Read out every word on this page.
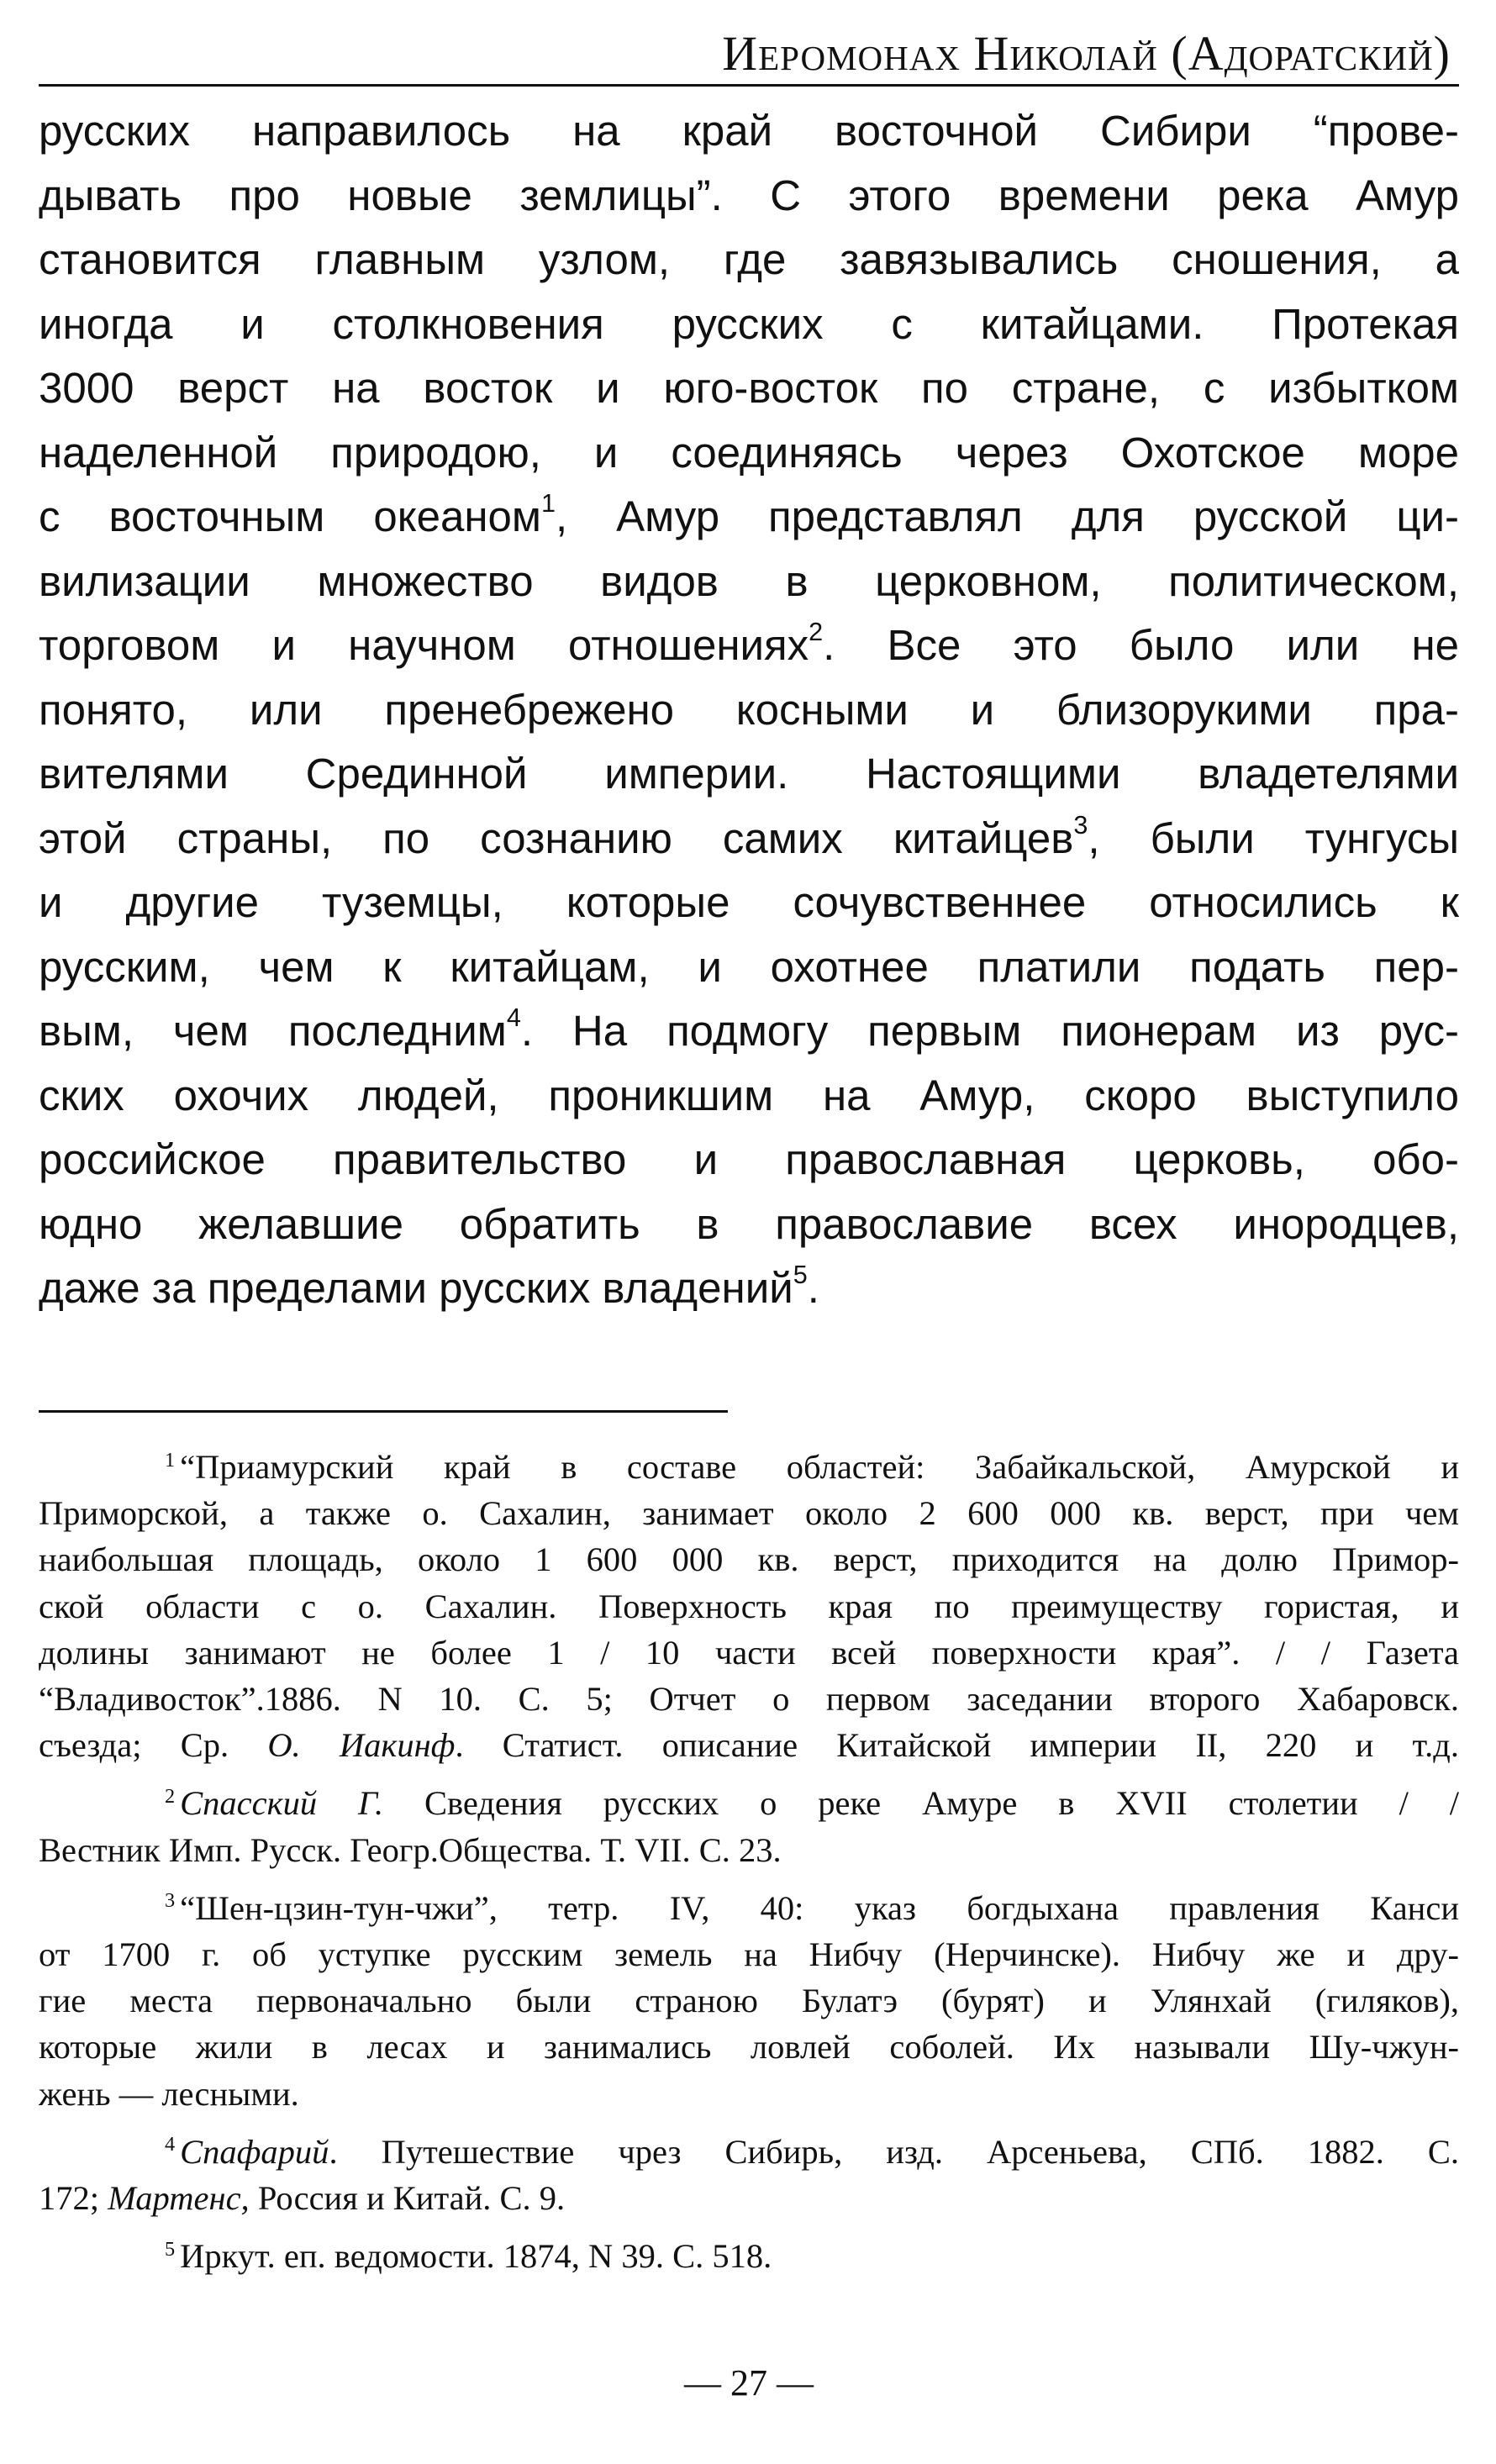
Иеромонах Николай (Адоратский)
русских направилось на край восточной Сибири “прове-
дывать про новые землицы”. С этого времени река Амур
становится главным узлом, где завязывались сношения, а
иногда и столкновения русских с китайцами. Протекая
3000 верст на восток и юго-восток по стране, с избытком
наделенной природою, и соединяясь через Охотское море
с восточным океаном$^1$, Амур представлял для русской ци-
вилизации множество видов в церковном, политическом,
торговом и научном отношениях$^2$. Все это было или не
понято, или пренебрежено косными и близорукими пра-
вителями Срединной империи. Настоящими владетелями
этой страны, по сознанию самих китайцев$^3$, были тунгусы
и другие туземцы, которые сочувственнее относились к
русским, чем к китайцам, и охотнее платили подать пер-
вым, чем последним$^4$. На подмогу первым пионерам из рус-
ских охочих людей, проникшим на Амур, скоро выступило
российское правительство и православная церковь, обо-
юдно желавшие обратить в православие всех инородцев,
даже за пределами русских владений$^5$.
$^1$ “Приамурский край в составе областей: Забайкальской, Амурской и
Приморской, а также о. Сахалин, занимает около 2 600 000 кв. верст, при чем
наибольшая площадь, около 1 600 000 кв. верст, приходится на долю Примор-
ской области с о. Сахалин. Поверхность края по преимуществу гористая, и
долины занимают не более 1 / 10 части всей поверхности края”. / / Газета
“Владивосток”.1886. N 10. С. 5; Отчет о первом заседании второго Хабаровск.
съезда; Ср. О. Иакинф. Статист. описание Китайской империи II, 220 и т.д.
$^2$ Спасский Г. Сведения русских о реке Амуре в XVII столетии / /
Вестник Имп. Русск. Геогр.Общества. Т. VII. С. 23.
$^3$ “Шен-цзин-тун-чжи”, тетр. IV, 40: указ богдыхана правления Канси
от 1700 г. об уступке русским земель на Нибчу (Нерчинске). Нибчу же и дру-
гие места первоначально были страною Булатэ (бурят) и Улянхай (гиляков),
которые жили в лесах и занимались ловлей соболей. Их называли Шу-чжун-
жень — лесными.
$^4$ Спафарий. Путешествие чрез Сибирь, изд. Арсеньева, СПб. 1882. С.
172; Мартенс, Россия и Китай. С. 9.
$^5$ Иркут. еп. ведомости. 1874, N 39. С. 518.
— 27 —
